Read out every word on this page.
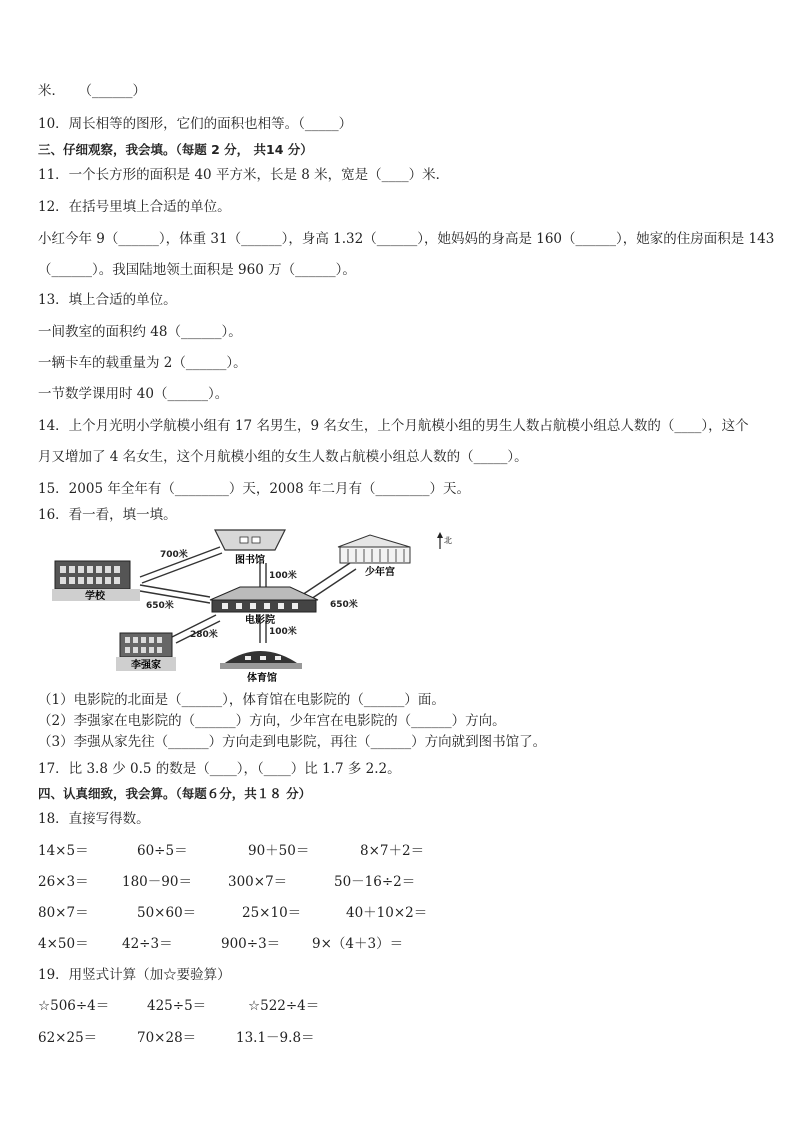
米．　　（______）
10．周长相等的图形，它们的面积也相等。（_____）
三、仔细观察，我会填。（每题 2 分， 共14 分）
11．一个长方形的面积是 40 平方米，长是 8 米，宽是（____）米．
12．在括号里填上合适的单位。
小红今年 9（______），体重 31（______），身高 1.32（______），她妈妈的身高是 160（______），她家的住房面积是 143
（______）。我国陆地领土面积是 960 万（______）。
13．填上合适的单位。
一间教室的面积约 48（______）。
一辆卡车的载重量为 2（______）。
一节数学课用时 40（______）。
14．上个月光明小学航模小组有 17 名男生，9 名女生，上个月航模小组的男生人数占航模小组总人数的（____），这个
月又增加了 4 名女生，这个月航模小组的女生人数占航模小组总人数的（_____）。
15．2005 年全年有（________）天，2008 年二月有（________）天。
16．看一看，填一填。
图书馆
学校
电影院
少年宫
李强家
体育馆
700米
100米
650米	650米
280米	100米
北
（1）电影院的北面是（______），体育馆在电影院的（______）面。
（2）李强家在电影院的（______）方向，少年宫在电影院的（______）方向。
（3）李强从家先往（______）方向走到电影院，再往（______）方向就到图书馆了。
17．比 3.8 少 0.5 的数是（____），（____）比 1.7 多 2.2。
四、认真细致，我会算。（每题６分，共１８ 分）
18．直接写得数。
14×5＝	60÷5＝	90＋50＝	8×7＋2＝
26×3＝ 180－90＝	300×7＝	50－16÷2＝
80×7＝	50×60＝	25×10＝	40＋10×2＝
4×50＝ 42÷3＝	900÷3＝ 9×（4＋3）＝
19．用竖式计算（加☆要验算）
☆506÷4＝	425÷5＝	☆522÷4＝
62×25＝	70×28＝	13.1－9.8＝
